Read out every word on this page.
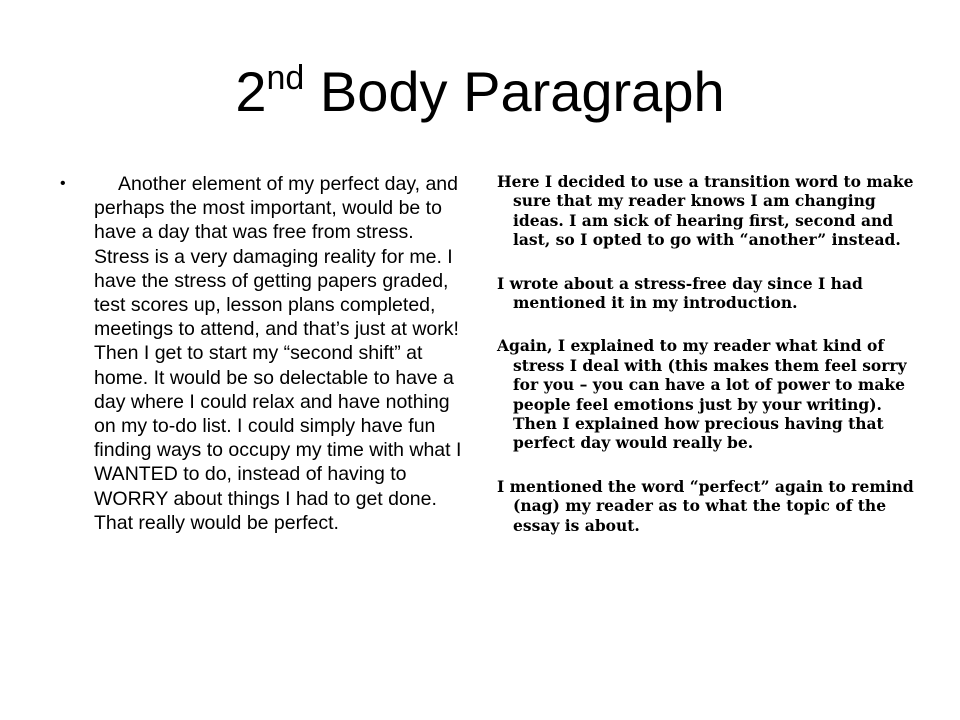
2nd Body Paragraph
•	Another element of my perfect day, and perhaps the most important, would be to have a day that was free from stress. Stress is a very damaging reality for me. I have the stress of getting papers graded, test scores up, lesson plans completed, meetings to attend, and that’s just at work! Then I get to start my “second shift” at home. It would be so delectable to have a day where I could relax and have nothing on my to-do list. I could simply have fun finding ways to occupy my time with what I WANTED to do, instead of having to WORRY about things I had to get done. That really would be perfect.

Here I decided to use a transition word to make sure that my reader knows I am changing ideas. I am sick of hearing first, second and last, so I opted to go with “another” instead.

I wrote about a stress-free day since I had mentioned it in my introduction.

Again, I explained to my reader what kind of stress I deal with (this makes them feel sorry for you – you can have a lot of power to make people feel emotions just by your writing). Then I explained how precious having that perfect day would really be.

I mentioned the word “perfect” again to remind (nag) my reader as to what the topic of the essay is about.
